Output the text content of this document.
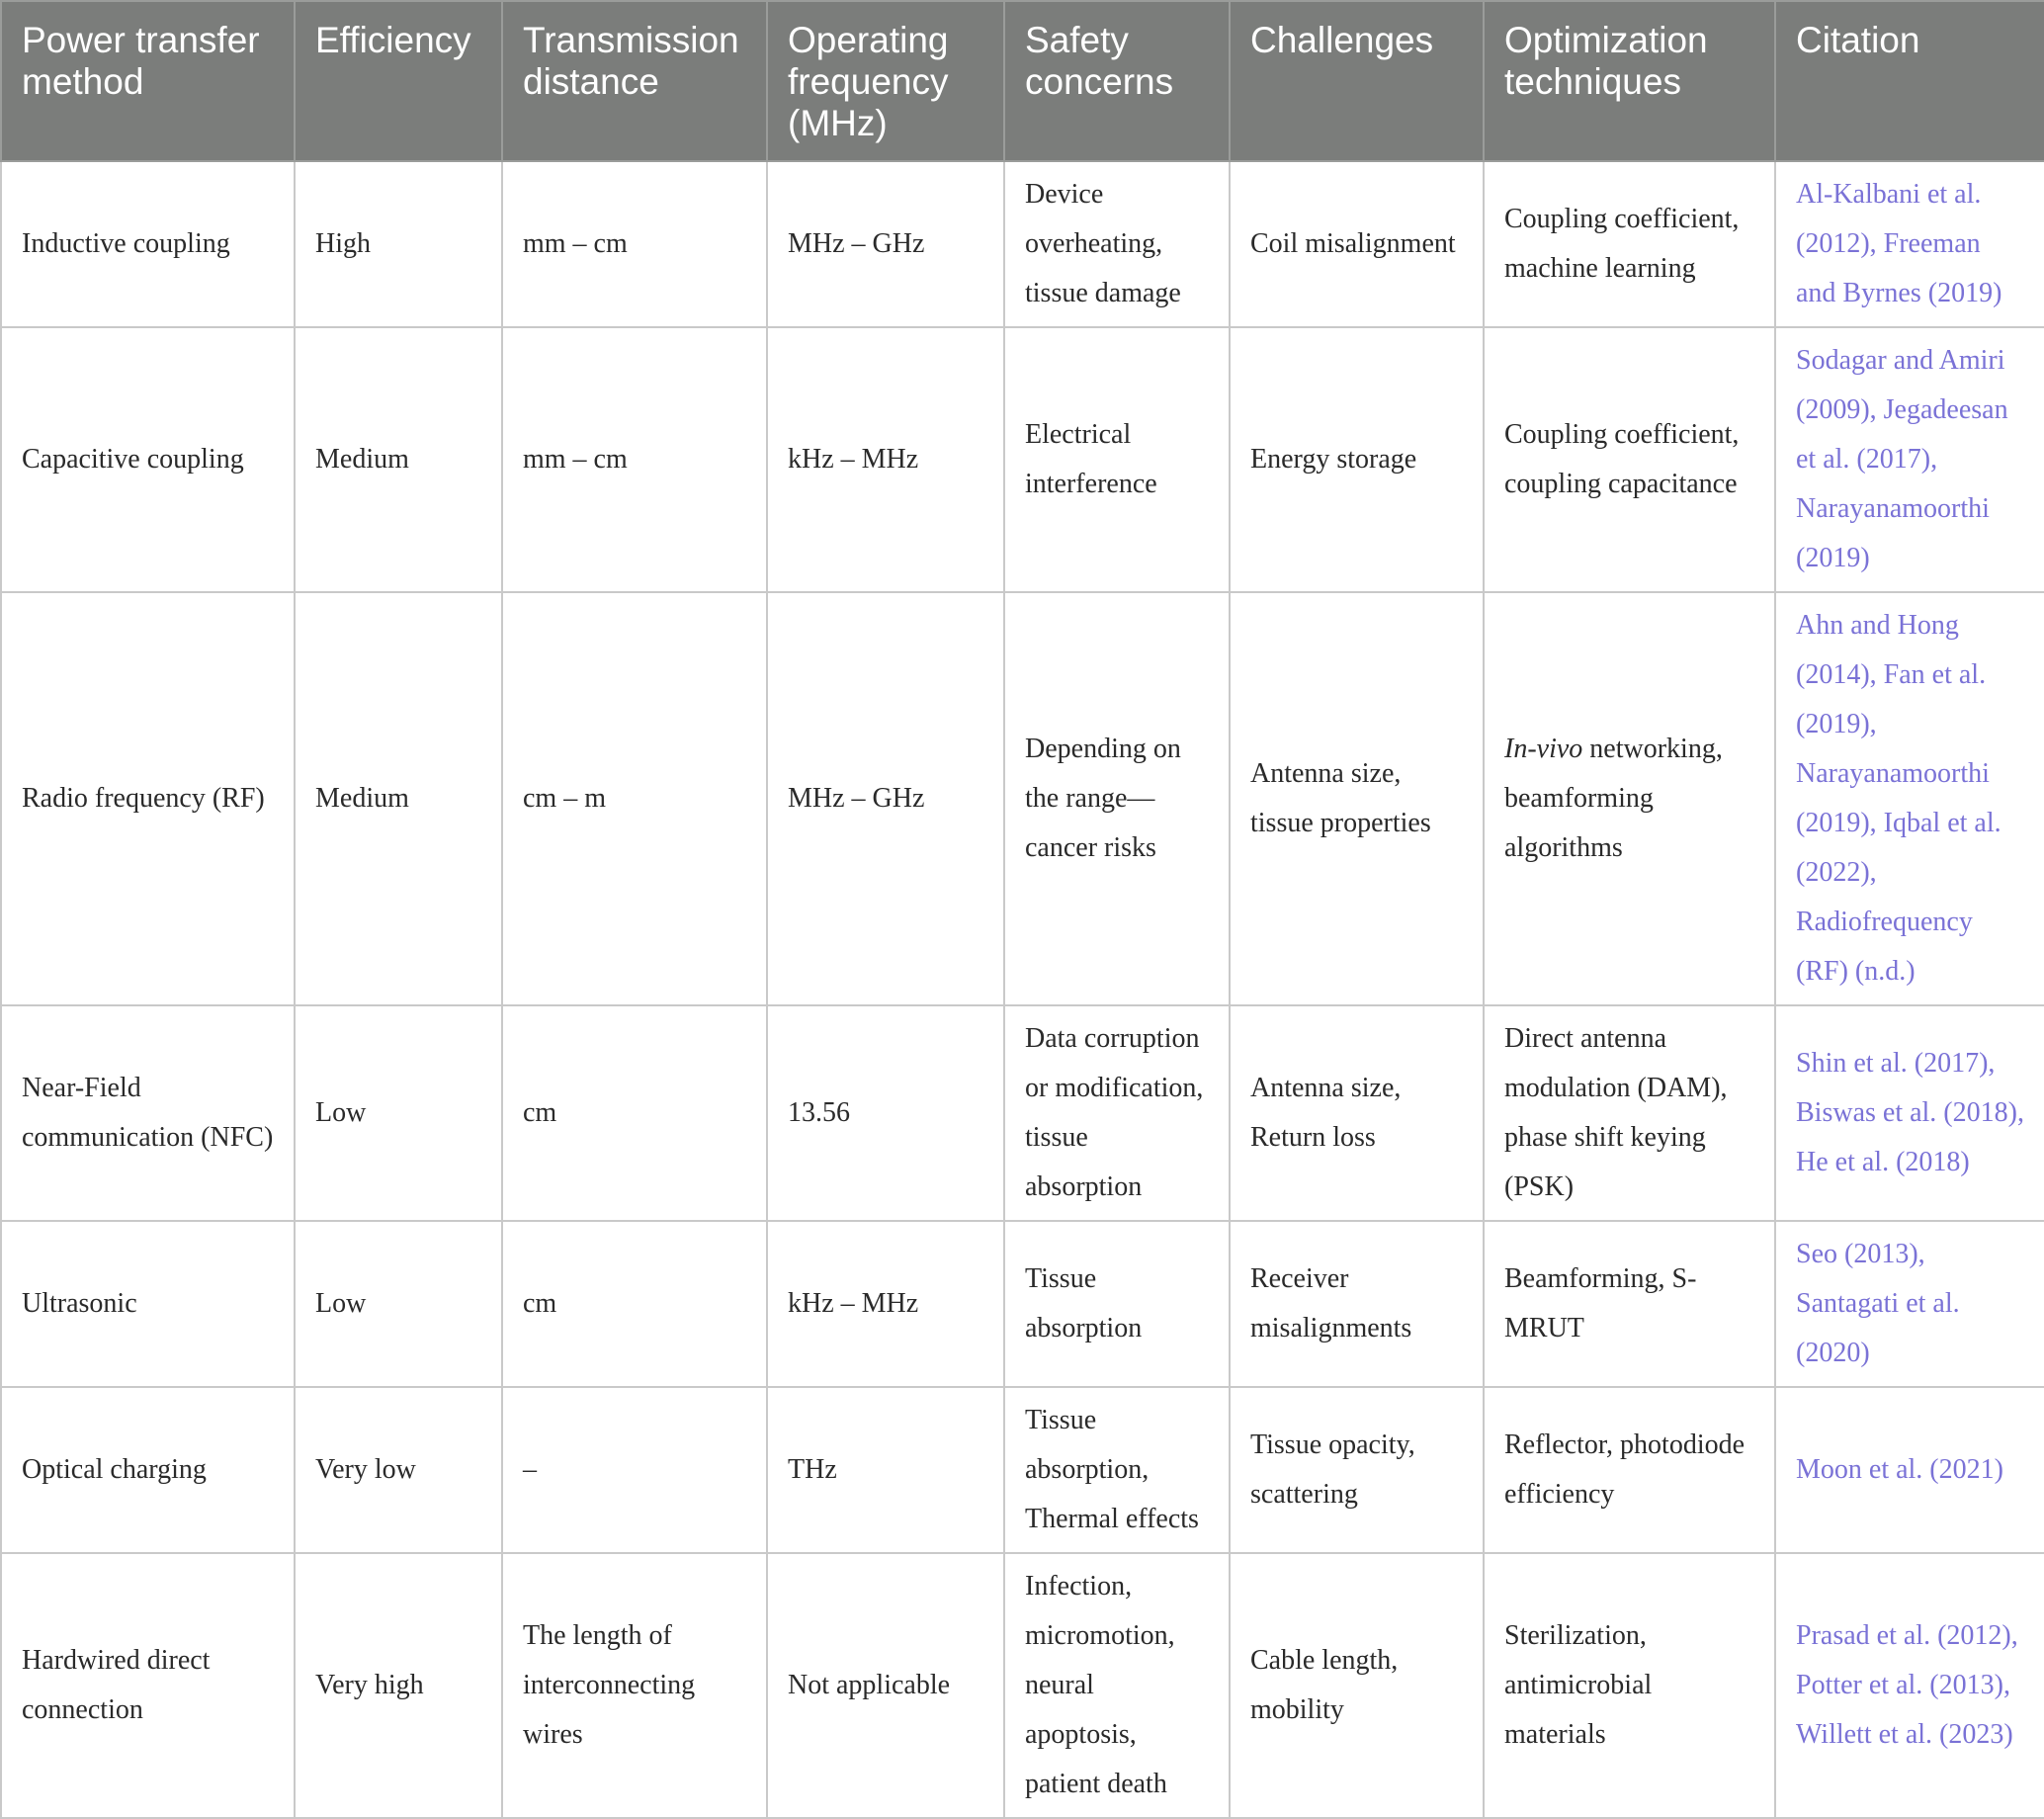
Power transfer method	Efficiency	Transmission distance	Operating frequency (MHz)	Safety concerns	Challenges	Optimization techniques	Citation
Inductive coupling	High	mm – cm	MHz – GHz	Device overheating, tissue damage	Coil misalignment	Coupling coefficient, machine learning	Al-Kalbani et al. (2012), Freeman and Byrnes (2019)
Capacitive coupling	Medium	mm – cm	kHz – MHz	Electrical interference	Energy storage	Coupling coefficient, coupling capacitance	Sodagar and Amiri (2009), Jegadeesan et al. (2017), Narayanamoorthi (2019)
Radio frequency (RF)	Medium	cm – m	MHz – GHz	Depending on the range—cancer risks	Antenna size, tissue properties	In-vivo networking, beamforming algorithms	Ahn and Hong (2014), Fan et al. (2019), Narayanamoorthi (2019), Iqbal et al. (2022), Radiofrequency (RF) (n.d.)
Near-Field communication (NFC)	Low	cm	13.56	Data corruption or modification, tissue absorption	Antenna size, Return loss	Direct antenna modulation (DAM), phase shift keying (PSK)	Shin et al. (2017), Biswas et al. (2018), He et al. (2018)
Ultrasonic	Low	cm	kHz – MHz	Tissue absorption	Receiver misalignments	Beamforming, S-MRUT	Seo (2013), Santagati et al. (2020)
Optical charging	Very low	–	THz	Tissue absorption, Thermal effects	Tissue opacity, scattering	Reflector, photodiode efficiency	Moon et al. (2021)
Hardwired direct connection	Very high	The length of interconnecting wires	Not applicable	Infection, micromotion, neural apoptosis, patient death	Cable length, mobility	Sterilization, antimicrobial materials	Prasad et al. (2012), Potter et al. (2013), Willett et al. (2023)
